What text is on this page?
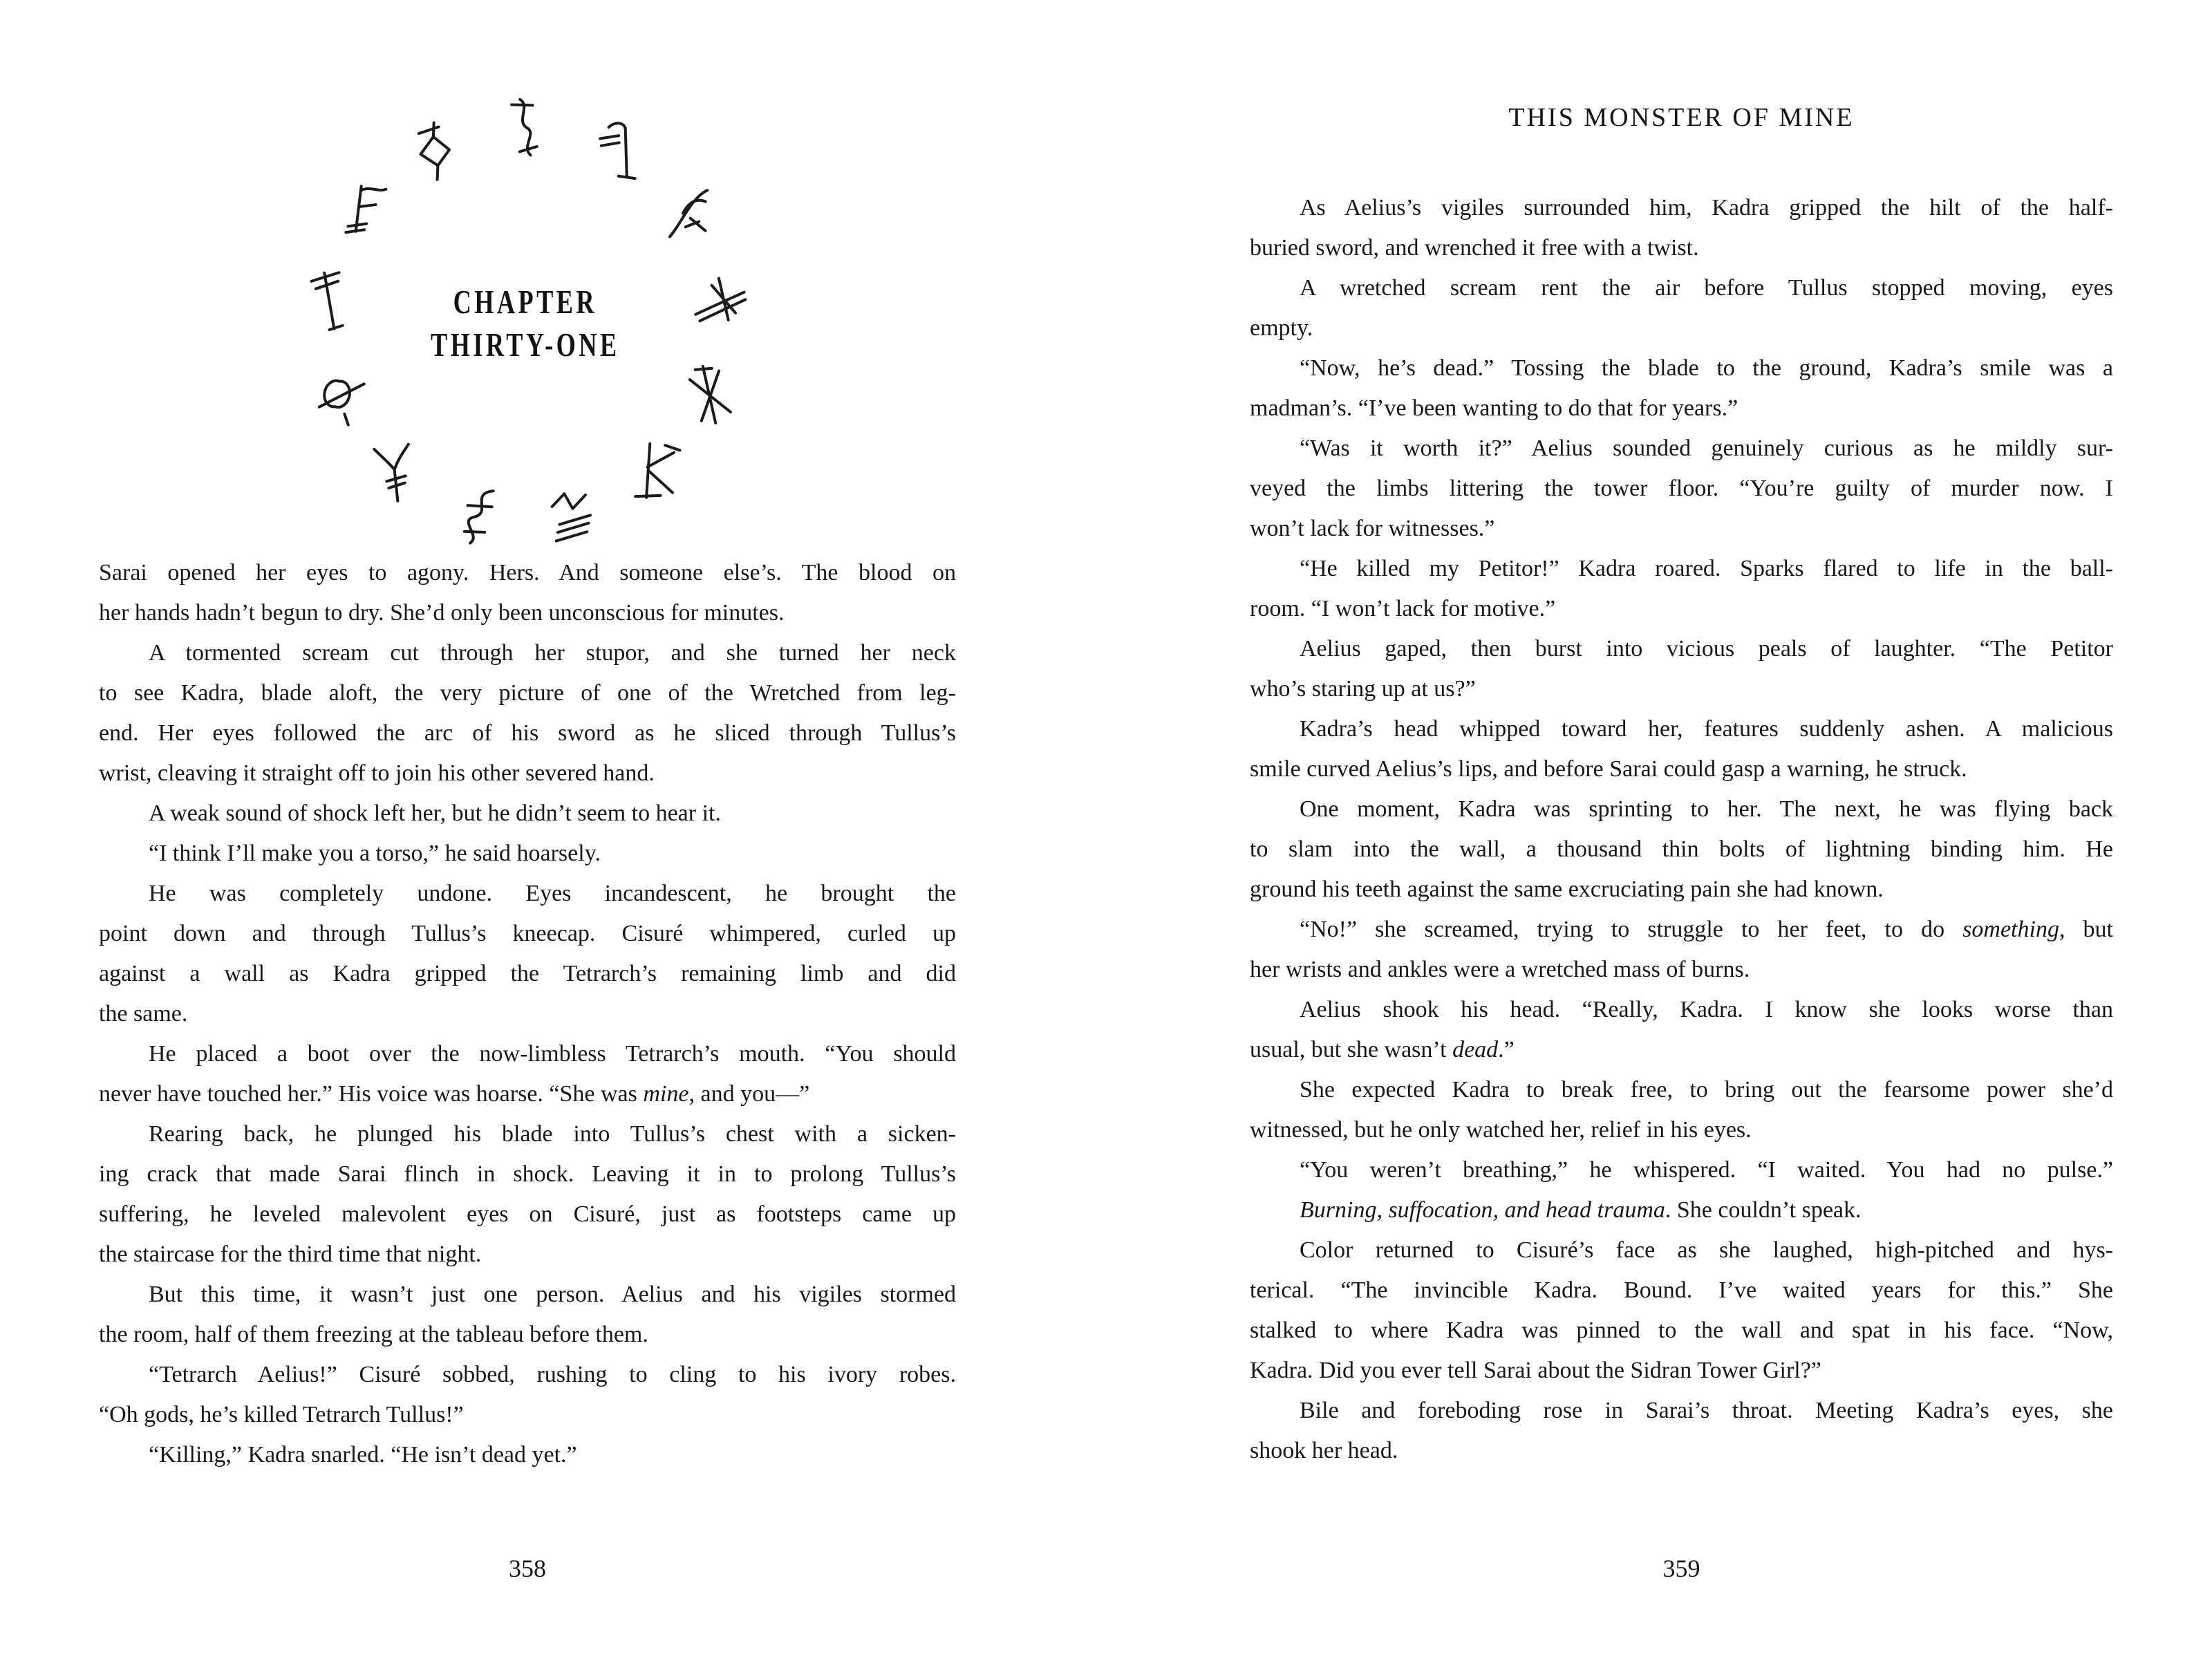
CHAPTER
THIRTY-ONE
Sarai opened her eyes to agony. Hers. And someone else’s. The blood on
her hands hadn’t begun to dry. She’d only been unconscious for minutes.
A tormented scream cut through her stupor, and she turned her neck
to see Kadra, blade aloft, the very picture of one of the Wretched from leg-
end. Her eyes followed the arc of his sword as he sliced through Tullus’s
wrist, cleaving it straight off to join his other severed hand.
A weak sound of shock left her, but he didn’t seem to hear it.
“I think I’ll make you a torso,” he said hoarsely.
He was completely undone. Eyes incandescent, he brought the
point down and through Tullus’s kneecap. Cisuré whimpered, curled up
against a wall as Kadra gripped the Tetrarch’s remaining limb and did
the same.
He placed a boot over the now-limbless Tetrarch’s mouth. “You should
never have touched her.” His voice was hoarse. “She was mine, and you—”
Rearing back, he plunged his blade into Tullus’s chest with a sicken-
ing crack that made Sarai flinch in shock. Leaving it in to prolong Tullus’s
suffering, he leveled malevolent eyes on Cisuré, just as footsteps came up
the staircase for the third time that night.
But this time, it wasn’t just one person. Aelius and his vigiles stormed
the room, half of them freezing at the tableau before them.
“Tetrarch Aelius!” Cisuré sobbed, rushing to cling to his ivory robes.
“Oh gods, he’s killed Tetrarch Tullus!”
“Killing,” Kadra snarled. “He isn’t dead yet.”
358
THIS MONSTER OF MINE
As Aelius’s vigiles surrounded him, Kadra gripped the hilt of the half-
buried sword, and wrenched it free with a twist.
A wretched scream rent the air before Tullus stopped moving, eyes
empty.
“Now, he’s dead.” Tossing the blade to the ground, Kadra’s smile was a
madman’s. “I’ve been wanting to do that for years.”
“Was it worth it?” Aelius sounded genuinely curious as he mildly sur-
veyed the limbs littering the tower floor. “You’re guilty of murder now. I
won’t lack for witnesses.”
“He killed my Petitor!” Kadra roared. Sparks flared to life in the ball-
room. “I won’t lack for motive.”
Aelius gaped, then burst into vicious peals of laughter. “The Petitor
who’s staring up at us?”
Kadra’s head whipped toward her, features suddenly ashen. A malicious
smile curved Aelius’s lips, and before Sarai could gasp a warning, he struck.
One moment, Kadra was sprinting to her. The next, he was flying back
to slam into the wall, a thousand thin bolts of lightning binding him. He
ground his teeth against the same excruciating pain she had known.
“No!” she screamed, trying to struggle to her feet, to do something, but
her wrists and ankles were a wretched mass of burns.
Aelius shook his head. “Really, Kadra. I know she looks worse than
usual, but she wasn’t dead.”
She expected Kadra to break free, to bring out the fearsome power she’d
witnessed, but he only watched her, relief in his eyes.
“You weren’t breathing,” he whispered. “I waited. You had no pulse.”
Burning, suffocation, and head trauma. She couldn’t speak.
Color returned to Cisuré’s face as she laughed, high-pitched and hys-
terical. “The invincible Kadra. Bound. I’ve waited years for this.” She
stalked to where Kadra was pinned to the wall and spat in his face. “Now,
Kadra. Did you ever tell Sarai about the Sidran Tower Girl?”
Bile and foreboding rose in Sarai’s throat. Meeting Kadra’s eyes, she
shook her head.
359
